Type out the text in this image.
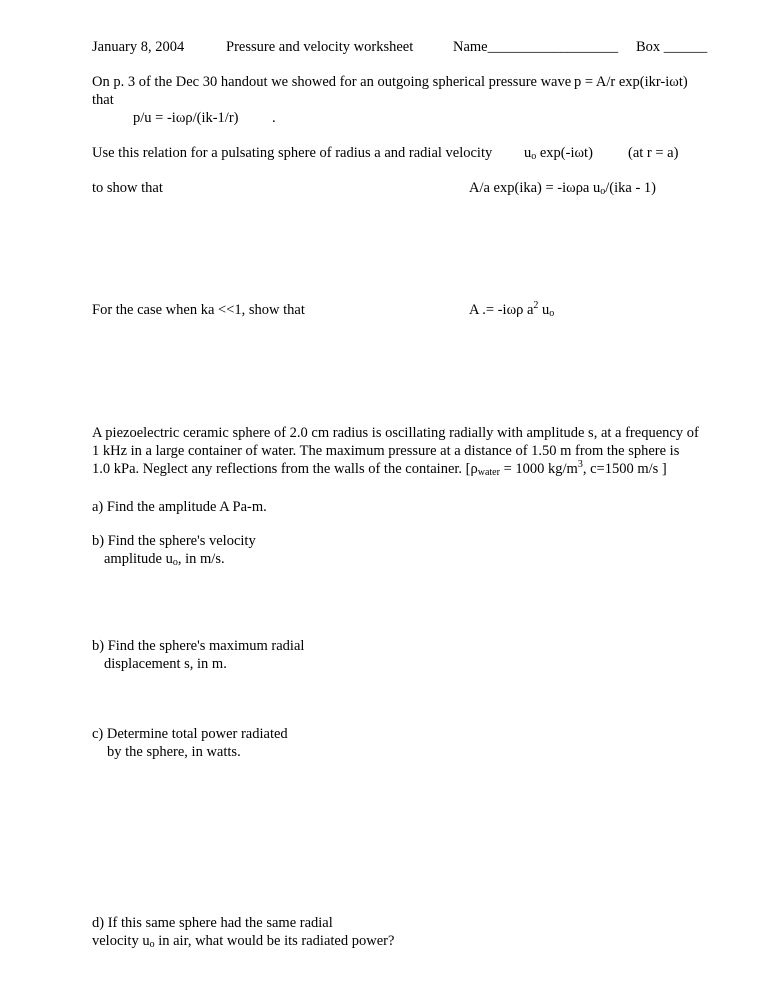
January 8, 2004	Pressure and velocity worksheet	Name__________________ Box ______
On p. 3 of the Dec 30 handout we showed for an outgoing spherical pressure wave p = A/r exp(ikr-iωt)
that
p/u = -iωρ/(ik-1/r) .
Use this relation for a pulsating sphere of radius a and radial velocity $u_o$ exp(-iωt) (at r = a)
to show that	A/a exp(ika) = -iωρa $u_o/(ika - 1)$
For the case when ka <<1, show that	A .= -iωρ $a^2$ $u_o$
A piezoelectric ceramic sphere of 2.0 cm radius is oscillating radially with amplitude s, at a frequency of
1 kHz in a large container of water. The maximum pressure at a distance of 1.50 m from the sphere is
1.0 kPa. Neglect any reflections from the walls of the container. [$\rho_{water} = 1000$ $kg/m^3$, c=1500 m/s ]
a) Find the amplitude A Pa-m.
b) Find the sphere's velocity
amplitude $u_o$, in m/s.
b) Find the sphere's maximum radial
displacement s, in m.
c) Determine total power radiated
by the sphere, in watts.
d) If this same sphere had the same radial
velocity $u_o$ in air, what would be its radiated power?
